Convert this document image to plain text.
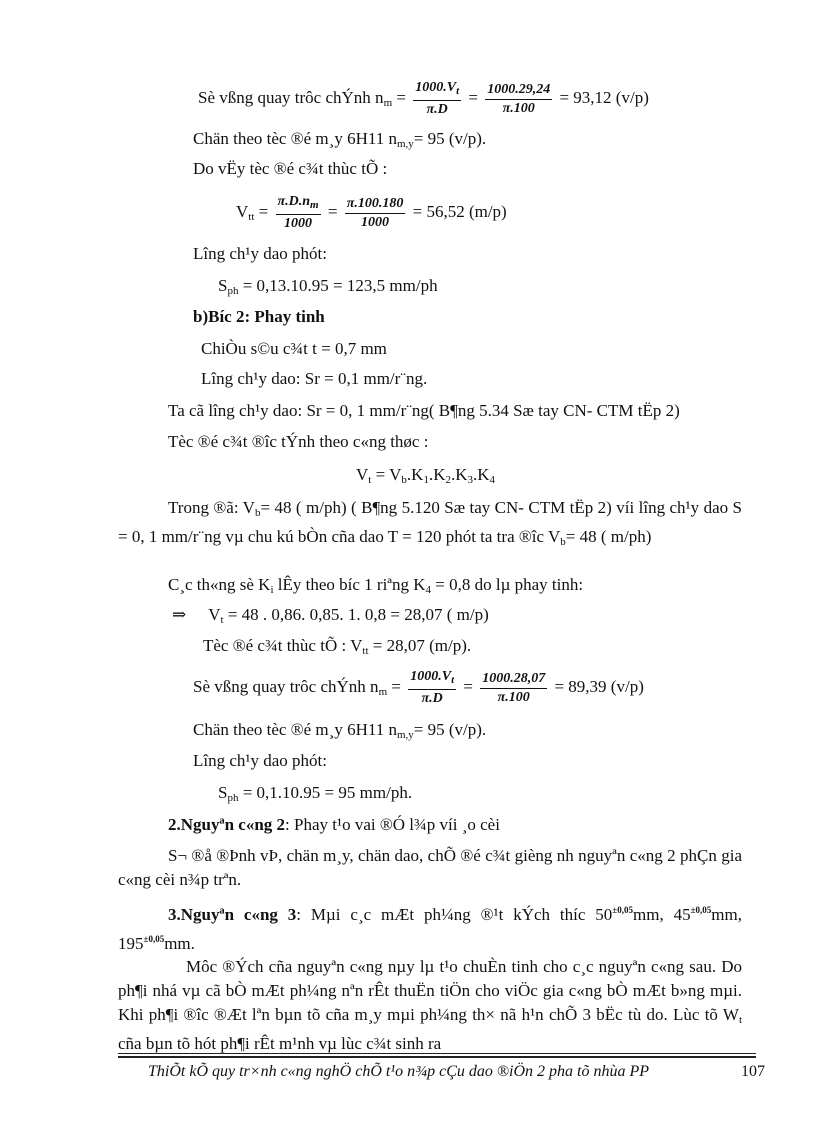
Sè vßng quay trôc chÝnh $n_m = \frac{1000.V_t}{\pi.D} = \frac{1000.29,24}{\pi.100} = 93,12$ (v/p)
Chän theo tèc ®é m¸y 6H11 $n_{m,y}= 95$ (v/p).
Do vËy tèc ®é c¾t thùc tÕ :
$V_{tt} = \frac{\pi.D.n_m}{1000} = \frac{\pi.100.180}{1000} = 56,52$ (m/p)
Lîng ch¹y dao phót:
$S_{ph} = 0,13.10.95 = 123,5$ mm/ph
b)Bíc 2: Phay tinh
ChiÒu s©u c¾t t = 0,7 mm
Lîng ch¹y dao: Sr = 0,1 mm/r¨ng.
Ta cã lîng ch¹y dao: Sr = 0, 1 mm/r¨ng( B¶ng 5.34 Sæ tay CN- CTM tËp 2)
Tèc ®é c¾t ®îc tÝnh theo c«ng thøc :
$V_t = V_b.K_1.K_2.K_3.K_4$
Trong ®ã: $V_b= 48$ ( m/ph) ( B¶ng 5.120 Sæ tay CN- CTM tËp 2) víi lîng ch¹y dao S = 0, 1 mm/r¨ng vµ chu kú bÒn cña dao T = 120 phót ta tra ®îc $V_b= 48$ ( m/ph)
C¸c th«ng sè $K_i$ lÊy theo bíc 1 riªng $K_4 = 0,8$ do lµ phay tinh:
⇒ $V_t = 48$ . 0,86. 0,85. 1. 0,8 = 28,07 ( m/p)
Tèc ®é c¾t thùc tÕ : $V_{tt} = 28,07$ (m/p).
Sè vßng quay trôc chÝnh $n_m = \frac{1000.V_t}{\pi.D} = \frac{1000.28,07}{\pi.100} = 89,39$ (v/p)
Chän theo tèc ®é m¸y 6H11 $n_{m,y}= 95$ (v/p).
Lîng ch¹y dao phót:
$S_{ph} = 0,1.10.95 = 95$ mm/ph.
2.Nguyªn c«ng 2: Phay t¹o vai ®Ó l¾p víi ¸o cèi
S¬ ®å ®Þnh vÞ, chän m¸y, chän dao, chÕ ®é c¾t gièng nh nguyªn c«ng 2 phÇn gia c«ng cèi n¾p trªn.
3.Nguyªn c«ng 3: Mµi c¸c mÆt ph¼ng ®¹t kÝch thíc $50^{\pm 0,05}mm$, $45^{\pm 0,05}mm$, $195^{\pm 0,05}mm$.
Môc ®Ých cña nguyªn c«ng nµy lµ t¹o chuÈn tinh cho c¸c nguyªn c«ng sau. Do ph¶i nhá vµ cã bÒ mÆt ph¼ng nªn rÊt thuËn tiÖn cho viÖc gia c«ng bÒ mÆt b»ng mµi. Khi ph¶i ®îc ®Æt lªn bµn tõ cña m¸y mµi ph¼ng th× nã h¹n chÕ 3 bËc tù do. Lùc tõ $W_t$ cña bµn tõ hót ph¶i rÊt m¹nh vµ lùc c¾t sinh ra
ThiÕt kÕ quy tr×nh c«ng nghÖ chÕ t¹o n¾p cÇu dao ®iÖn 2 pha tõ nhùa PP	107
